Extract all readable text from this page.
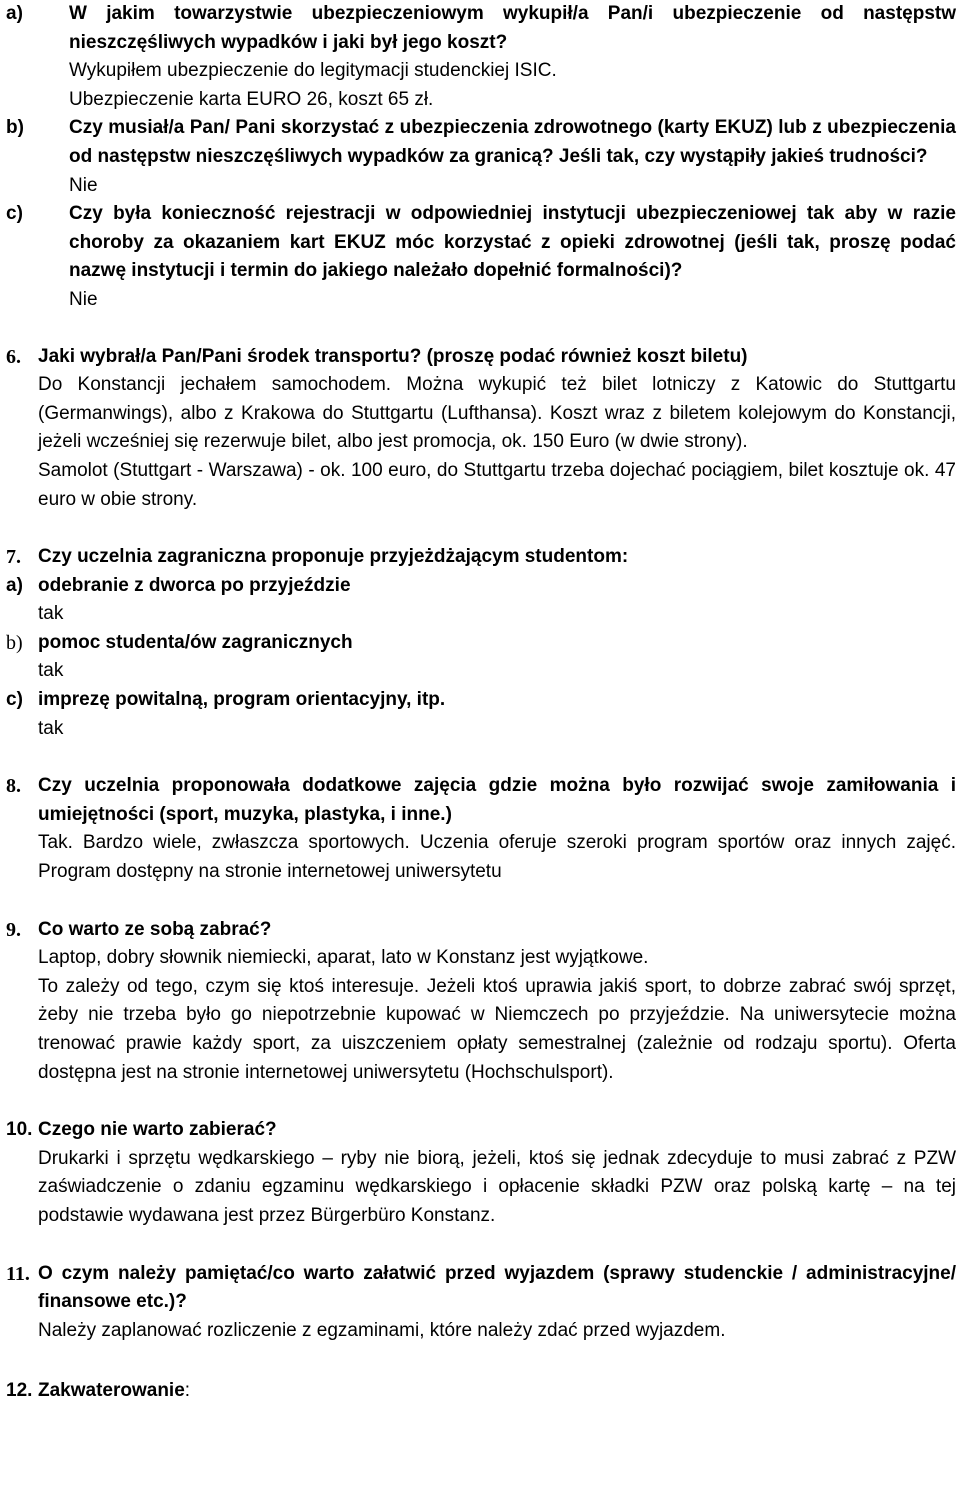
a)	W jakim towarzystwie ubezpieczeniowym wykupił/a Pan/i ubezpieczenie od następstw nieszczęśliwych wypadków i jaki był jego koszt?
Wykupiłem ubezpieczenie do legitymacji studenckiej ISIC.
Ubezpieczenie karta EURO 26, koszt 65 zł.
b)	Czy musiał/a Pan/ Pani skorzystać z ubezpieczenia zdrowotnego (karty EKUZ) lub z ubezpieczenia od następstw nieszczęśliwych wypadków za granicą? Jeśli tak, czy wystąpiły jakieś trudności?
Nie
c)	Czy była konieczność rejestracji w odpowiedniej instytucji ubezpieczeniowej tak aby w razie choroby za okazaniem kart EKUZ móc korzystać z opieki zdrowotnej (jeśli tak, proszę podać nazwę instytucji i termin do jakiego należało dopełnić formalności)?
Nie
6. Jaki wybrał/a Pan/Pani środek transportu? (proszę podać również koszt biletu)
Do Konstancji jechałem samochodem. Można wykupić też bilet lotniczy z Katowic do Stuttgartu (Germanwings), albo z Krakowa do Stuttgartu (Lufthansa). Koszt wraz z biletem kolejowym do Konstancji, jeżeli wcześniej się rezerwuje bilet, albo jest promocja, ok. 150 Euro (w dwie strony).
Samolot (Stuttgart - Warszawa) - ok. 100 euro, do Stuttgartu trzeba dojechać pociągiem, bilet kosztuje ok. 47 euro w obie strony.
7. Czy uczelnia zagraniczna proponuje przyjeżdżającym studentom:
a) odebranie z dworca po przyjeździe
tak
b) pomoc studenta/ów zagranicznych
tak
c) imprezę powitalną, program orientacyjny, itp.
tak
8. Czy uczelnia proponowała dodatkowe zajęcia gdzie można było rozwijać swoje zamiłowania i umiejętności (sport, muzyka, plastyka, i inne.)
Tak. Bardzo wiele, zwłaszcza sportowych. Uczenia oferuje szeroki program sportów oraz innych zajęć. Program dostępny na stronie internetowej uniwersytetu
9. Co warto ze sobą zabrać?
Laptop, dobry słownik niemiecki, aparat, lato w Konstanz jest wyjątkowe.
To zależy od tego, czym się ktoś interesuje. Jeżeli ktoś uprawia jakiś sport, to dobrze zabrać swój sprzęt, żeby nie trzeba było go niepotrzebnie kupować w Niemczech po przyjeździe. Na uniwersytecie można trenować prawie każdy sport, za uiszczeniem opłaty semestralnej (zależnie od rodzaju sportu). Oferta dostępna jest na stronie internetowej uniwersytetu (Hochschulsport).
10. Czego nie warto zabierać?
Drukarki i sprzętu wędkarskiego – ryby nie biorą, jeżeli, ktoś się jednak zdecyduje to musi zabrać z PZW zaświadczenie o zdaniu egzaminu wędkarskiego i opłacenie składki PZW oraz polską kartę – na tej podstawie wydawana jest przez Bürgerbüro Konstanz.
11. O czym należy pamiętać/co warto załatwić przed wyjazdem (sprawy studenckie / administracyjne/ finansowe etc.)?
Należy zaplanować rozliczenie z egzaminami, które należy zdać przed wyjazdem.
12. Zakwaterowanie:
